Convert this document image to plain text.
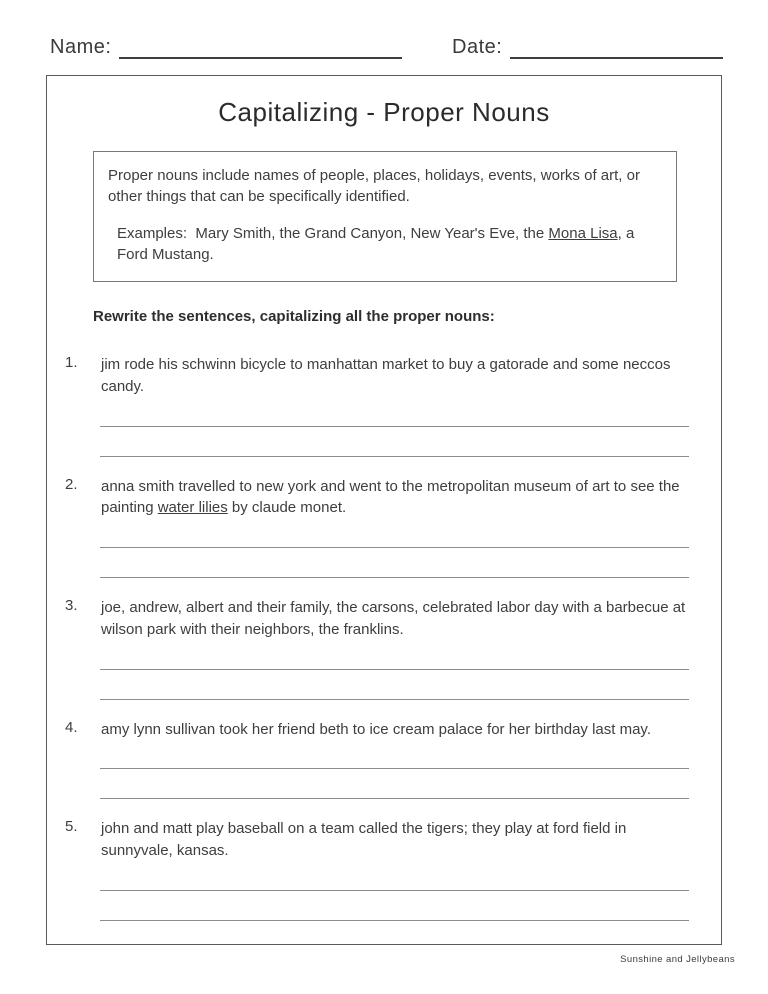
Name:	Date:
Capitalizing - Proper Nouns
Proper nouns include names of people, places, holidays, events, works of art, or other things that can be specifically identified.
Examples:  Mary Smith, the Grand Canyon, New Year's Eve, the Mona Lisa, a Ford Mustang.
Rewrite the sentences, capitalizing all the proper nouns:
1.	jim rode his schwinn bicycle to manhattan market to buy a gatorade and some neccos candy.
2.	anna smith travelled to new york and went to the metropolitan museum of art to see the painting water lilies by claude monet.
3.	joe, andrew, albert and their family, the carsons, celebrated labor day with a barbecue at wilson park with their neighbors, the franklins.
4.	amy lynn sullivan took her friend beth to ice cream palace for her birthday last may.
5.	john and matt play baseball on a team called the tigers; they play at ford field in sunnyvale, kansas.
Sunshine and Jellybeans
